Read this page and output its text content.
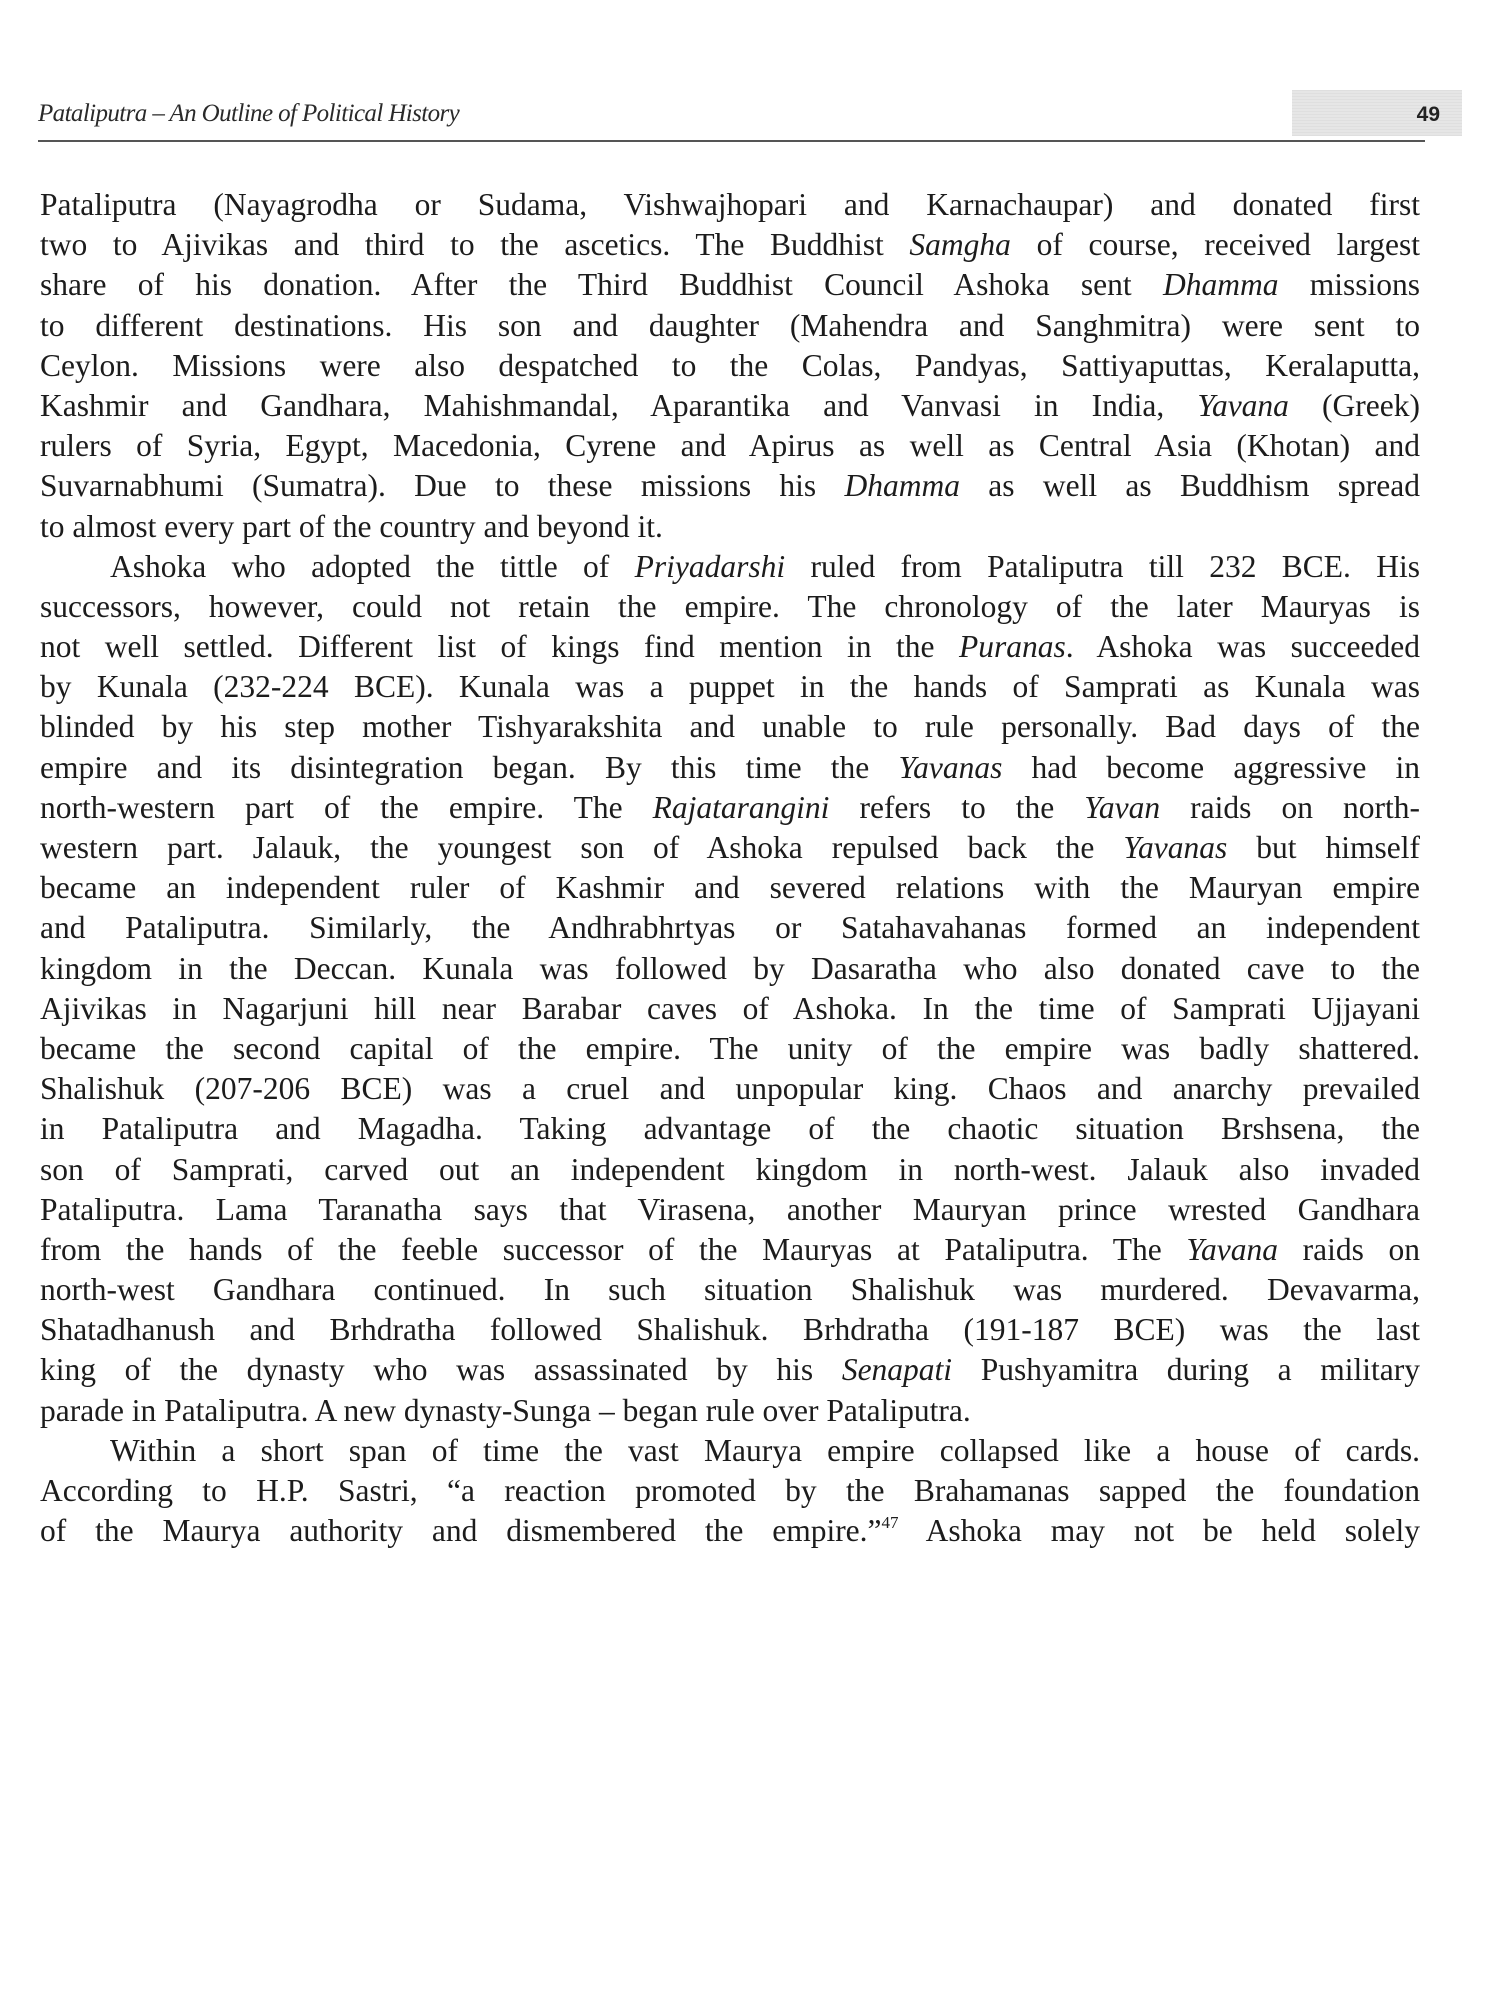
Pataliputra – An Outline of Political History	49
Pataliputra (Nayagrodha or Sudama, Vishwajhopari and Karnachaupar) and donated first
two to Ajivikas and third to the ascetics. The Buddhist Samgha of course, received largest
share of his donation. After the Third Buddhist Council Ashoka sent Dhamma missions
to different destinations. His son and daughter (Mahendra and Sanghmitra) were sent to
Ceylon. Missions were also despatched to the Colas, Pandyas, Sattiyaputtas, Keralaputta,
Kashmir and Gandhara, Mahishmandal, Aparantika and Vanvasi in India, Yavana (Greek)
rulers of Syria, Egypt, Macedonia, Cyrene and Apirus as well as Central Asia (Khotan) and
Suvarnabhumi (Sumatra). Due to these missions his Dhamma as well as Buddhism spread
to almost every part of the country and beyond it.
Ashoka who adopted the tittle of Priyadarshi ruled from Pataliputra till 232 BCE. His
successors, however, could not retain the empire. The chronology of the later Mauryas is
not well settled. Different list of kings find mention in the Puranas. Ashoka was succeeded
by Kunala (232-224 BCE). Kunala was a puppet in the hands of Samprati as Kunala was
blinded by his step mother Tishyarakshita and unable to rule personally. Bad days of the
empire and its disintegration began. By this time the Yavanas had become aggressive in
north-western part of the empire. The Rajatarangini refers to the Yavan raids on north-
western part. Jalauk, the youngest son of Ashoka repulsed back the Yavanas but himself
became an independent ruler of Kashmir and severed relations with the Mauryan empire
and Pataliputra. Similarly, the Andhrabhrtyas or Satahavahanas formed an independent
kingdom in the Deccan. Kunala was followed by Dasaratha who also donated cave to the
Ajivikas in Nagarjuni hill near Barabar caves of Ashoka. In the time of Samprati Ujjayani
became the second capital of the empire. The unity of the empire was badly shattered.
Shalishuk (207-206 BCE) was a cruel and unpopular king. Chaos and anarchy prevailed
in Pataliputra and Magadha. Taking advantage of the chaotic situation Brshsena, the
son of Samprati, carved out an independent kingdom in north-west. Jalauk also invaded
Pataliputra. Lama Taranatha says that Virasena, another Mauryan prince wrested Gandhara
from the hands of the feeble successor of the Mauryas at Pataliputra. The Yavana raids on
north-west Gandhara continued. In such situation Shalishuk was murdered. Devavarma,
Shatadhanush and Brhdratha followed Shalishuk. Brhdratha (191-187 BCE) was the last
king of the dynasty who was assassinated by his Senapati Pushyamitra during a military
parade in Pataliputra. A new dynasty-Sunga – began rule over Pataliputra.
Within a short span of time the vast Maurya empire collapsed like a house of cards.
According to H.P. Sastri, “a reaction promoted by the Brahamanas sapped the foundation
of the Maurya authority and dismembered the empire.”$^{47}$ Ashoka may not be held solely
